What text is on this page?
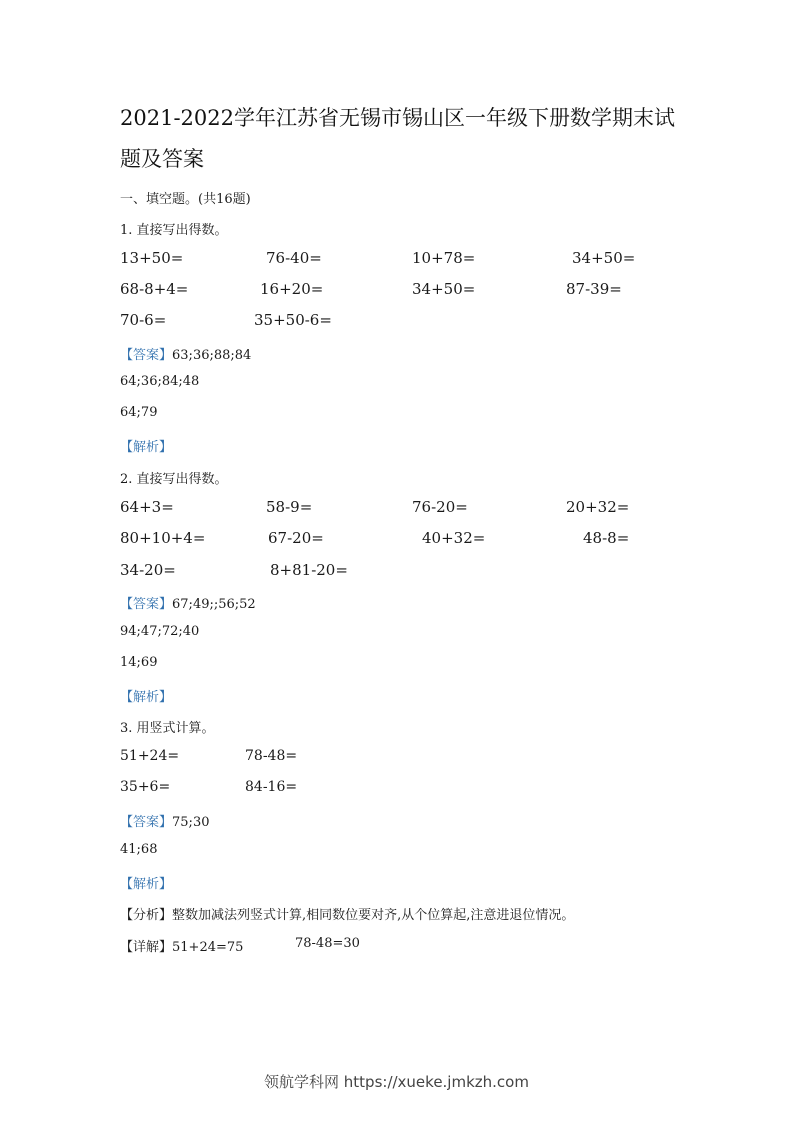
2021-2022学年江苏省无锡市锡山区一年级下册数学期末试
题及答案
一、填空题。(共16题)
1. 直接写出得数。
13+50=	76-40=	10+78=	34+50=
68-8+4=	16+20=	34+50=	87-39=
70-6=	35+50-6=
【答案】63;36;88;84
64;36;84;48
64;79
【解析】
2. 直接写出得数。
64+3=	58-9=	76-20=	20+32=
80+10+4=	67-20=	40+32=	48-8=
34-20=	8+81-20=
【答案】67;49;;56;52
94;47;72;40
14;69
【解析】
3. 用竖式计算。
51+24=	78-48=
35+6=	84-16=
【答案】75;30
41;68
【解析】
【分析】整数加减法列竖式计算,相同数位要对齐,从个位算起,注意进退位情况。
【详解】51+24=75	78-48=30
领航学科网 https://xueke.jmkzh.com
